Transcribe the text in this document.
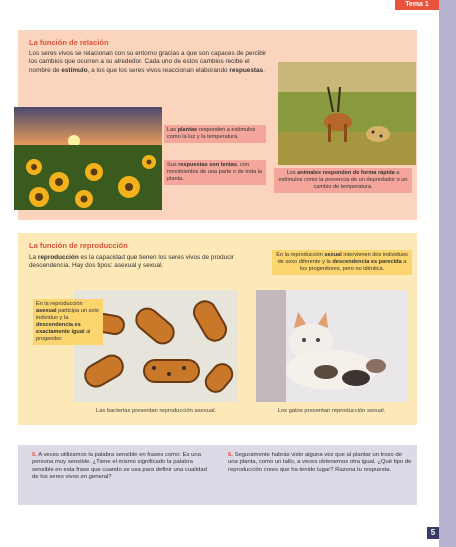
Tema 1
La función de relación
Los seres vivos se relacionan con su entorno gracias a que son capaces de percibir los cambios que ocurren a su alrededor. Cada uno de estos cambios recibe el nombre de estímulo, a los que los seres vivos reaccionan elaborando respuestas.
Las plantas responden a estímulos como la luz y la temperatura.
Sus respuestas son lentas, con movimientos de una parte o de toda la planta.
Los animales responden de forma rápida a estímulos como la presencia de un depredador o un cambio de temperatura.
La función de reproducción
La reproducción es la capacidad que tienen los seres vivos de producir descendencia. Hay dos tipos: asexual y sexual.
En la reproducción sexual intervienen dos individuos de sexo diferente y la descendencia es parecida a los progenitores, pero no idéntica.
En la reproducción asexual participa un solo individuo y la descendencia es exactamente igual al progenitor.
Las bacterias presentan reproducción asexual.	Los gatos presentan reproducción sexual.
5. A veces utilizamos la palabra sensible en frases como: Es una persona muy sensible. ¿Tiene el mismo significado la palabra sensible en esta frase que cuando se usa para definir una cualidad de los seres vivos en general?
6. Seguramente habrás visto alguna vez que al plantar un trozo de una planta, como un tallo, a veces obtenemos otra igual. ¿Qué tipo de reproducción crees que ha tenido lugar? Razona tu respuesta.
5
